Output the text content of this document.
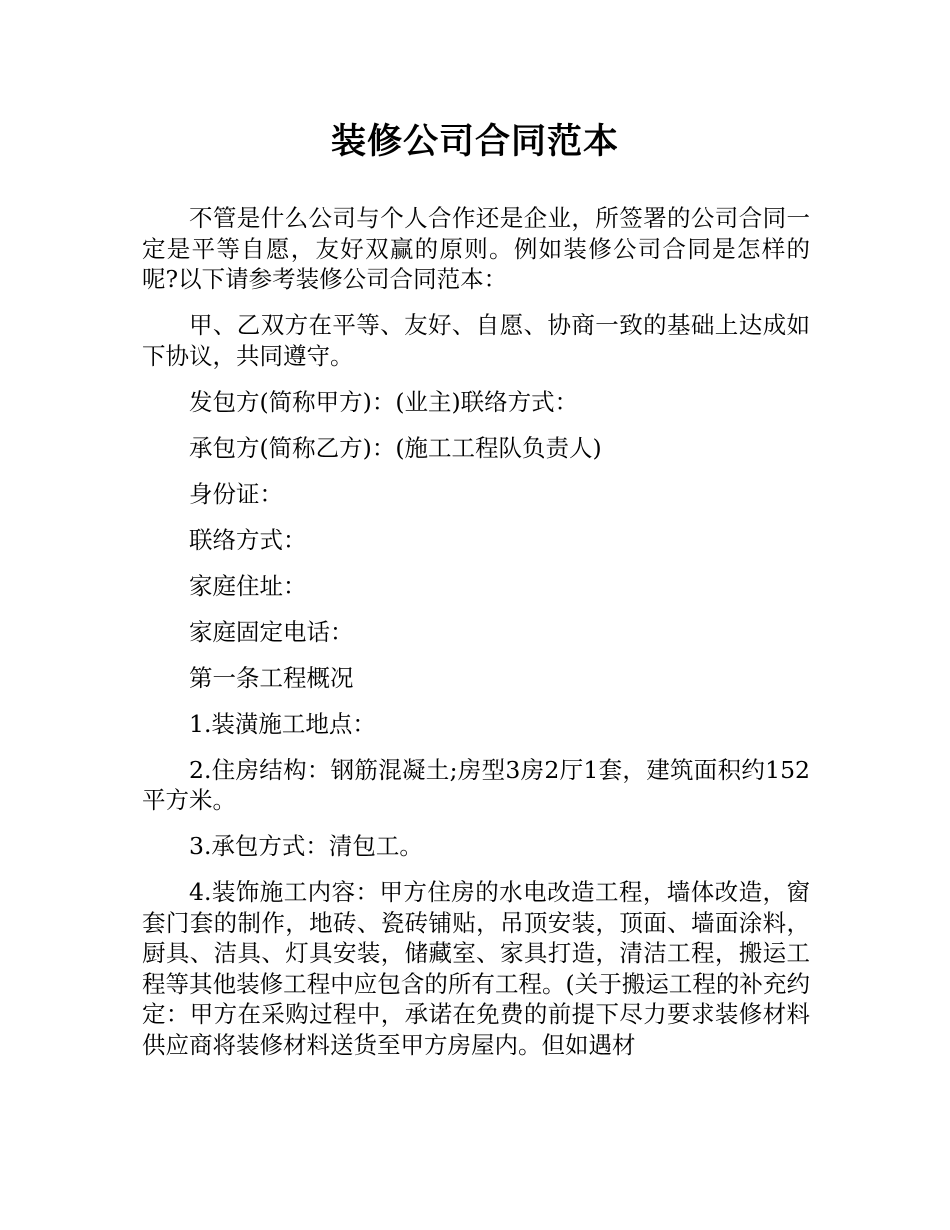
装修公司合同范本

不管是什么公司与个人合作还是企业，所签署的公司合同一定是平等自愿，友好双赢的原则。例如装修公司合同是怎样的呢?以下请参考装修公司合同范本：

甲、乙双方在平等、友好、自愿、协商一致的基础上达成如下协议，共同遵守。

发包方(简称甲方)：(业主)联络方式：

承包方(简称乙方)：(施工工程队负责人)

身份证：

联络方式：

家庭住址：

家庭固定电话：

第一条工程概况

1.装潢施工地点：

2.住房结构：钢筋混凝土;房型3房2厅1套，建筑面积约152平方米。

3.承包方式：清包工。

4.装饰施工内容：甲方住房的水电改造工程，墙体改造，窗套门套的制作，地砖、瓷砖铺贴，吊顶安装，顶面、墙面涂料，厨具、洁具、灯具安装，储藏室、家具打造，清洁工程，搬运工程等其他装修工程中应包含的所有工程。(关于搬运工程的补充约定：甲方在采购过程中，承诺在免费的前提下尽力要求装修材料供应商将装修材料送货至甲方房屋内。但如遇材
